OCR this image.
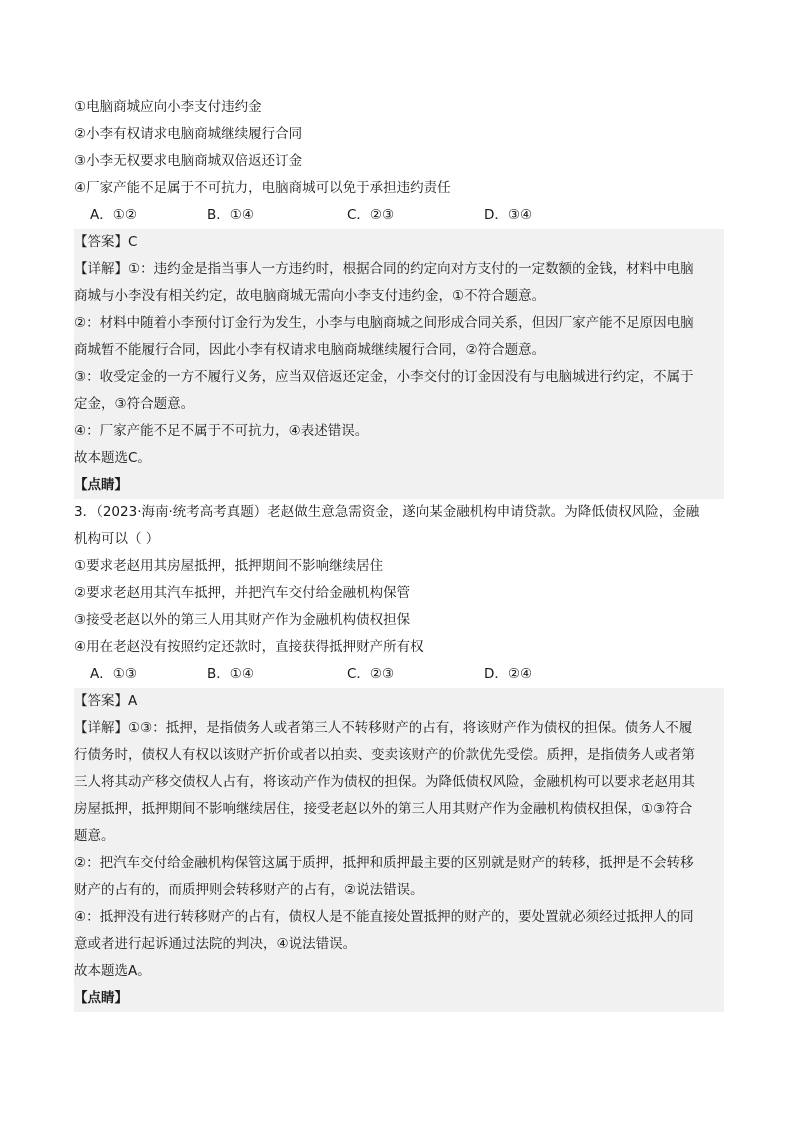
①电脑商城应向小李支付违约金
②小李有权请求电脑商城继续履行合同
③小李无权要求电脑商城双倍返还订金
④厂家产能不足属于不可抗力，电脑商城可以免于承担违约责任
A．①②	B．①④	C．②③	D．③④
【答案】C
【详解】①：违约金是指当事人一方违约时，根据合同的约定向对方支付的一定数额的金钱，材料中电脑
商城与小李没有相关约定，故电脑商城无需向小李支付违约金，①不符合题意。
②：材料中随着小李预付订金行为发生，小李与电脑商城之间形成合同关系，但因厂家产能不足原因电脑
商城暂不能履行合同，因此小李有权请求电脑商城继续履行合同，②符合题意。
③：收受定金的一方不履行义务，应当双倍返还定金，小李交付的订金因没有与电脑城进行约定，不属于
定金，③符合题意。
④：厂家产能不足不属于不可抗力，④表述错误。
故本题选C。
【点睛】
3．（2023·海南·统考高考真题）老赵做生意急需资金，遂向某金融机构申请贷款。为降低债权风险，金融
机构可以（ ）
①要求老赵用其房屋抵押，抵押期间不影响继续居住
②要求老赵用其汽车抵押，并把汽车交付给金融机构保管
③接受老赵以外的第三人用其财产作为金融机构债权担保
④用在老赵没有按照约定还款时，直接获得抵押财产所有权
A．①③	B．①④	C．②③	D．②④
【答案】A
【详解】①③：抵押，是指债务人或者第三人不转移财产的占有，将该财产作为债权的担保。债务人不履
行债务时，债权人有权以该财产折价或者以拍卖、变卖该财产的价款优先受偿。质押，是指债务人或者第
三人将其动产移交债权人占有，将该动产作为债权的担保。为降低债权风险，金融机构可以要求老赵用其
房屋抵押，抵押期间不影响继续居住，接受老赵以外的第三人用其财产作为金融机构债权担保，①③符合
题意。
②：把汽车交付给金融机构保管这属于质押，抵押和质押最主要的区别就是财产的转移，抵押是不会转移
财产的占有的，而质押则会转移财产的占有，②说法错误。
④：抵押没有进行转移财产的占有，债权人是不能直接处置抵押的财产的，要处置就必须经过抵押人的同
意或者进行起诉通过法院的判决，④说法错误。
故本题选A。
【点睛】
